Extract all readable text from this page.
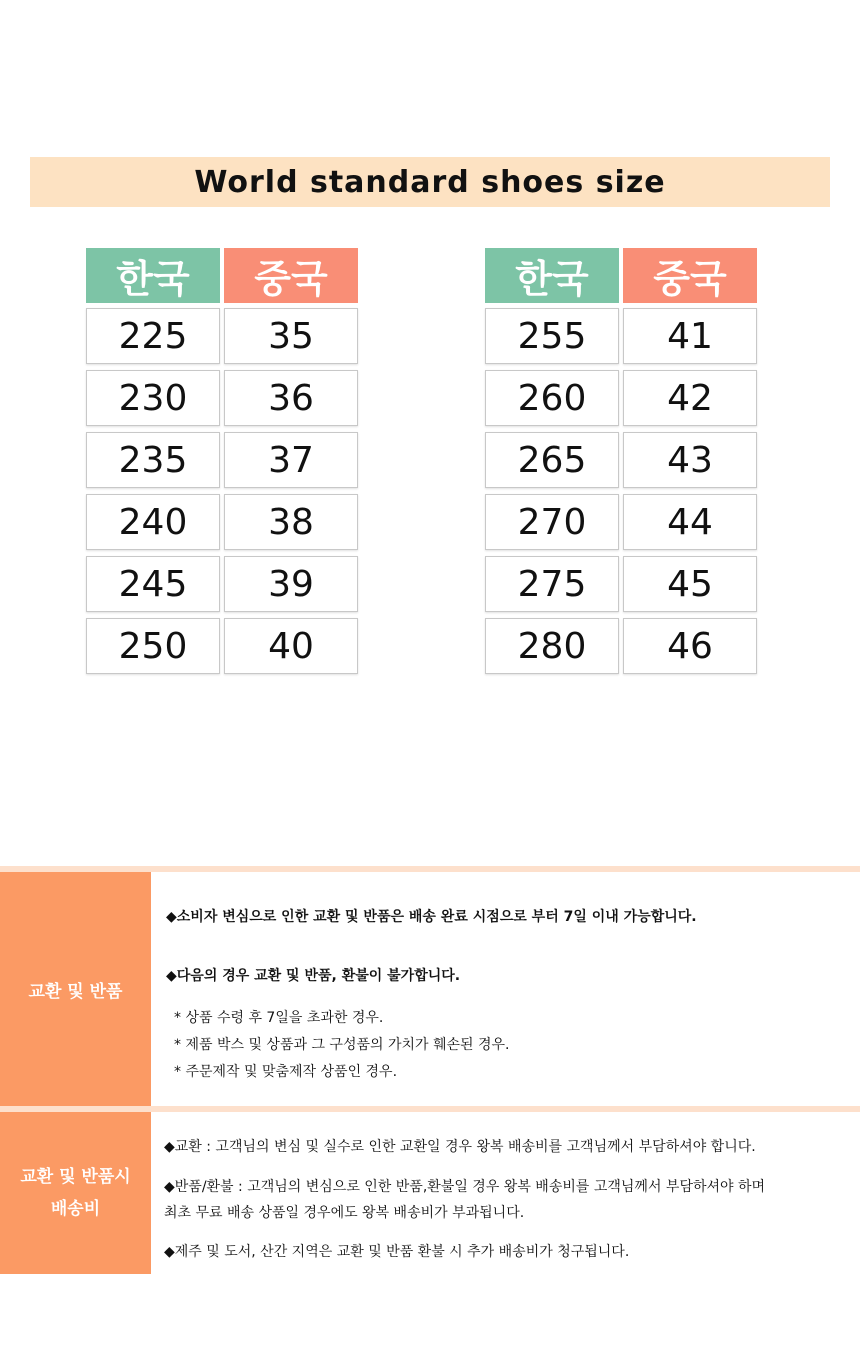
World standard shoes size
한국	중국
225	35
230	36
235	37
240	38
245	39
250	40
한국	중국
255	41
260	42
265	43
270	44
275	45
280	46
교환 및 반품
◆소비자 변심으로 인한 교환 및 반품은 배송 완료 시점으로 부터 7일 이내 가능합니다.
◆다음의 경우 교환 및 반품, 환불이 불가합니다.
* 상품 수령 후 7일을 초과한 경우.
* 제품 박스 및 상품과 그 구성품의 가치가 훼손된 경우.
* 주문제작 및 맞춤제작 상품인 경우.
교환 및 반품시
배송비
◆교환 : 고객님의 변심 및 실수로 인한 교환일 경우 왕복 배송비를 고객님께서 부담하셔야 합니다.
◆반품/환불 : 고객님의 변심으로 인한 반품,환불일 경우 왕복 배송비를 고객님께서 부담하셔야 하며
최초 무료 배송 상품일 경우에도 왕복 배송비가 부과됩니다.
◆제주 및 도서, 산간 지역은 교환 및 반품 환불 시 추가 배송비가 청구됩니다.
